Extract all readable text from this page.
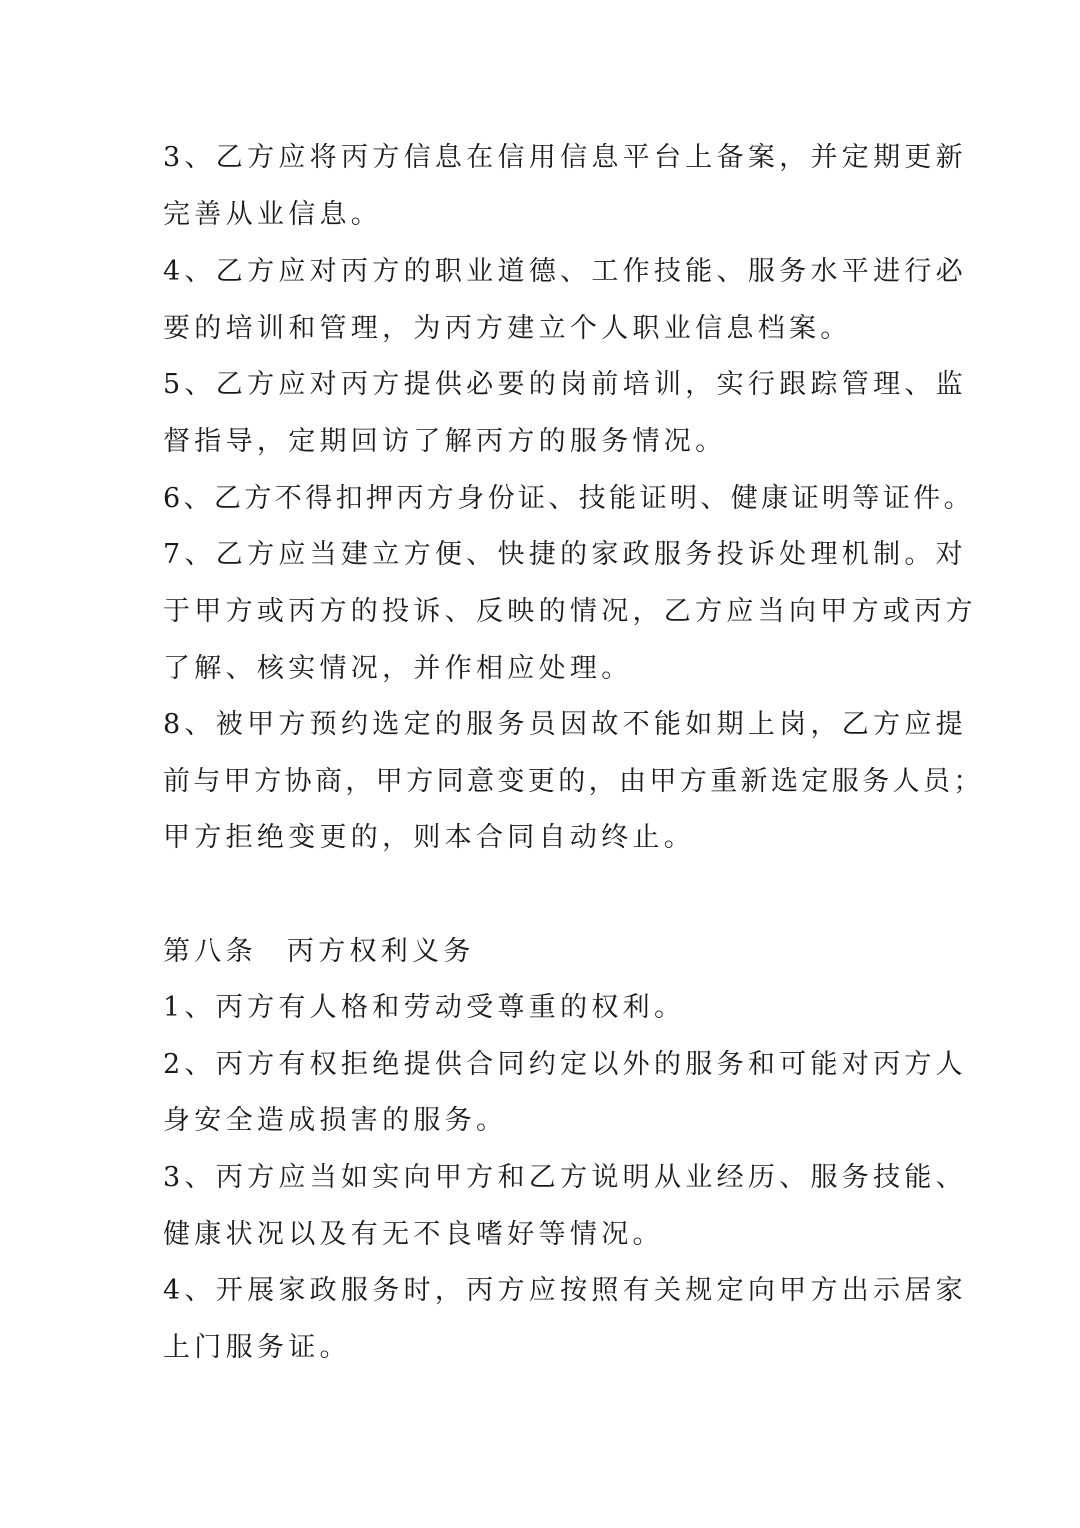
3、乙方应将丙方信息在信用信息平台上备案，并定期更新
完善从业信息。
4、乙方应对丙方的职业道德、工作技能、服务水平进行必
要的培训和管理，为丙方建立个人职业信息档案。
5、乙方应对丙方提供必要的岗前培训，实行跟踪管理、监
督指导，定期回访了解丙方的服务情况。
6、乙方不得扣押丙方身份证、技能证明、健康证明等证件。
7、乙方应当建立方便、快捷的家政服务投诉处理机制。对
于甲方或丙方的投诉、反映的情况，乙方应当向甲方或丙方
了解、核实情况，并作相应处理。
8、被甲方预约选定的服务员因故不能如期上岗，乙方应提
前与甲方协商，甲方同意变更的，由甲方重新选定服务人员；
甲方拒绝变更的，则本合同自动终止。
第八条 丙方权利义务
1、丙方有人格和劳动受尊重的权利。
2、丙方有权拒绝提供合同约定以外的服务和可能对丙方人
身安全造成损害的服务。
3、丙方应当如实向甲方和乙方说明从业经历、服务技能、
健康状况以及有无不良嗜好等情况。
4、开展家政服务时，丙方应按照有关规定向甲方出示居家
上门服务证。
